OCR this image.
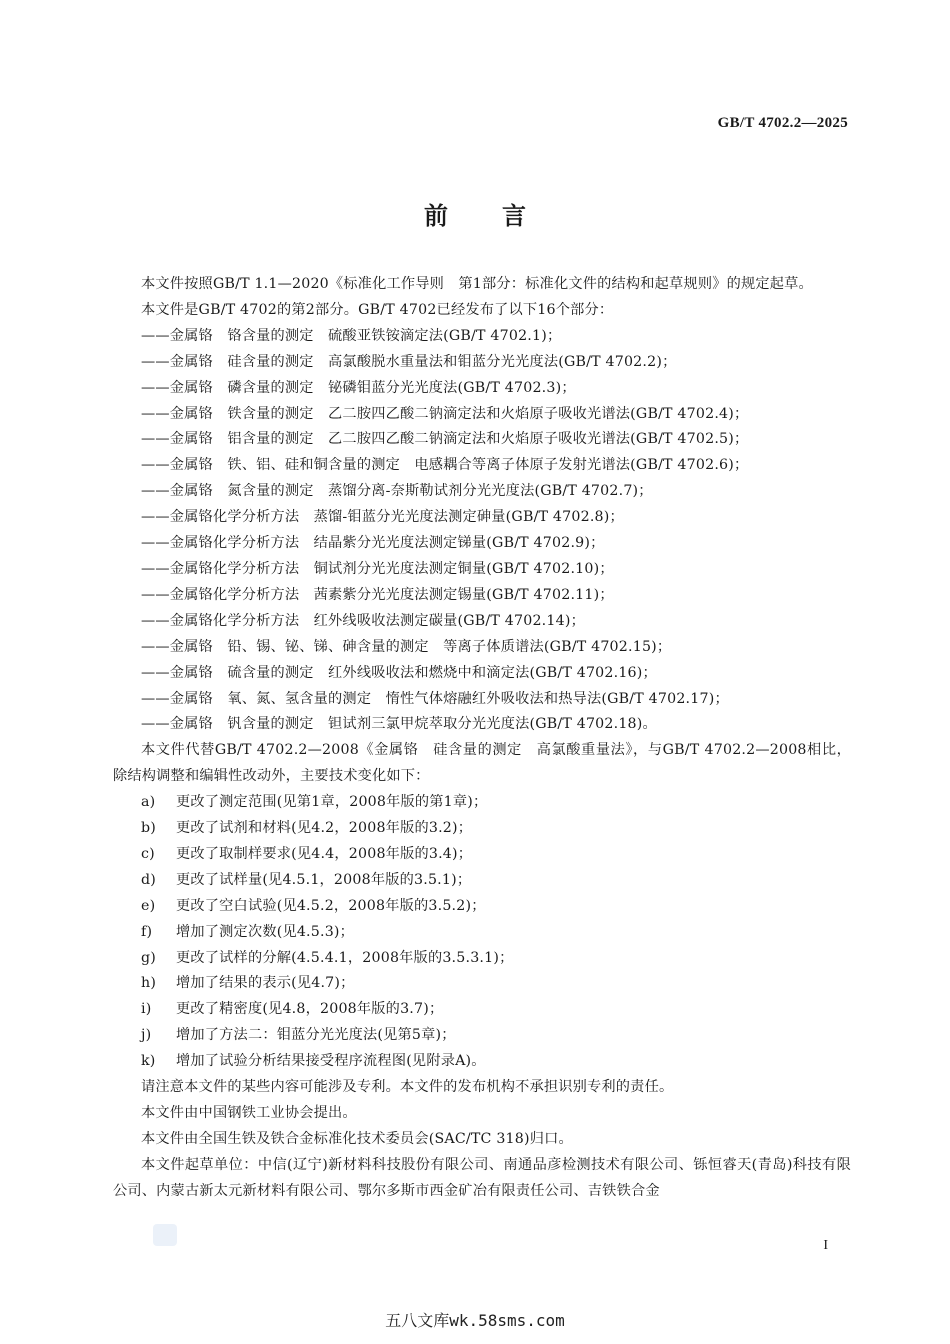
GB/T 4702.2—2025
前 言

本文件按照GB/T 1.1—2020《标准化工作导则　第1部分：标准化文件的结构和起草规则》的规定起草。

本文件是GB/T 4702的第2部分。GB/T 4702已经发布了以下16个部分：

——金属铬　铬含量的测定　硫酸亚铁铵滴定法(GB/T 4702.1)；

——金属铬　硅含量的测定　高氯酸脱水重量法和钼蓝分光光度法(GB/T 4702.2)；

——金属铬　磷含量的测定　铋磷钼蓝分光光度法(GB/T 4702.3)；

——金属铬　铁含量的测定　乙二胺四乙酸二钠滴定法和火焰原子吸收光谱法(GB/T 4702.4)；

——金属铬　铝含量的测定　乙二胺四乙酸二钠滴定法和火焰原子吸收光谱法(GB/T 4702.5)；

——金属铬　铁、铝、硅和铜含量的测定　电感耦合等离子体原子发射光谱法(GB/T 4702.6)；

——金属铬　氮含量的测定　蒸馏分离-奈斯勒试剂分光光度法(GB/T 4702.7)；

——金属铬化学分析方法　蒸馏-钼蓝分光光度法测定砷量(GB/T 4702.8)；

——金属铬化学分析方法　结晶紫分光光度法测定锑量(GB/T 4702.9)；

——金属铬化学分析方法　铜试剂分光光度法测定铜量(GB/T 4702.10)；

——金属铬化学分析方法　茜素紫分光光度法测定锡量(GB/T 4702.11)；

——金属铬化学分析方法　红外线吸收法测定碳量(GB/T 4702.14)；

——金属铬　铅、锡、铋、锑、砷含量的测定　等离子体质谱法(GB/T 4702.15)；

——金属铬　硫含量的测定　红外线吸收法和燃烧中和滴定法(GB/T 4702.16)；

——金属铬　氧、氮、氢含量的测定　惰性气体熔融红外吸收法和热导法(GB/T 4702.17)；

——金属铬　钒含量的测定　钽试剂三氯甲烷萃取分光光度法(GB/T 4702.18)。

本文件代替GB/T 4702.2—2008《金属铬　硅含量的测定　高氯酸重量法》，与GB/T 4702.2—2008相比，除结构调整和编辑性改动外，主要技术变化如下：

a) 更改了测定范围(见第1章，2008年版的第1章)；

b) 更改了试剂和材料(见4.2，2008年版的3.2)；

c) 更改了取制样要求(见4.4，2008年版的3.4)；

d) 更改了试样量(见4.5.1，2008年版的3.5.1)；

e) 更改了空白试验(见4.5.2，2008年版的3.5.2)；

f) 增加了测定次数(见4.5.3)；

g) 更改了试样的分解(4.5.4.1，2008年版的3.5.3.1)；

h) 增加了结果的表示(见4.7)；

i) 更改了精密度(见4.8，2008年版的3.7)；

j) 增加了方法二：钼蓝分光光度法(见第5章)；

k) 增加了试验分析结果接受程序流程图(见附录A)。

请注意本文件的某些内容可能涉及专利。本文件的发布机构不承担识别专利的责任。

本文件由中国钢铁工业协会提出。

本文件由全国生铁及铁合金标准化技术委员会(SAC/TC 318)归口。

本文件起草单位：中信(辽宁)新材料科技股份有限公司、南通品彦检测技术有限公司、铄恒睿天(青岛)科技有限公司、内蒙古新太元新材料有限公司、鄂尔多斯市西金矿冶有限责任公司、吉铁铁合金

I
五八文库wk.58sms.com
